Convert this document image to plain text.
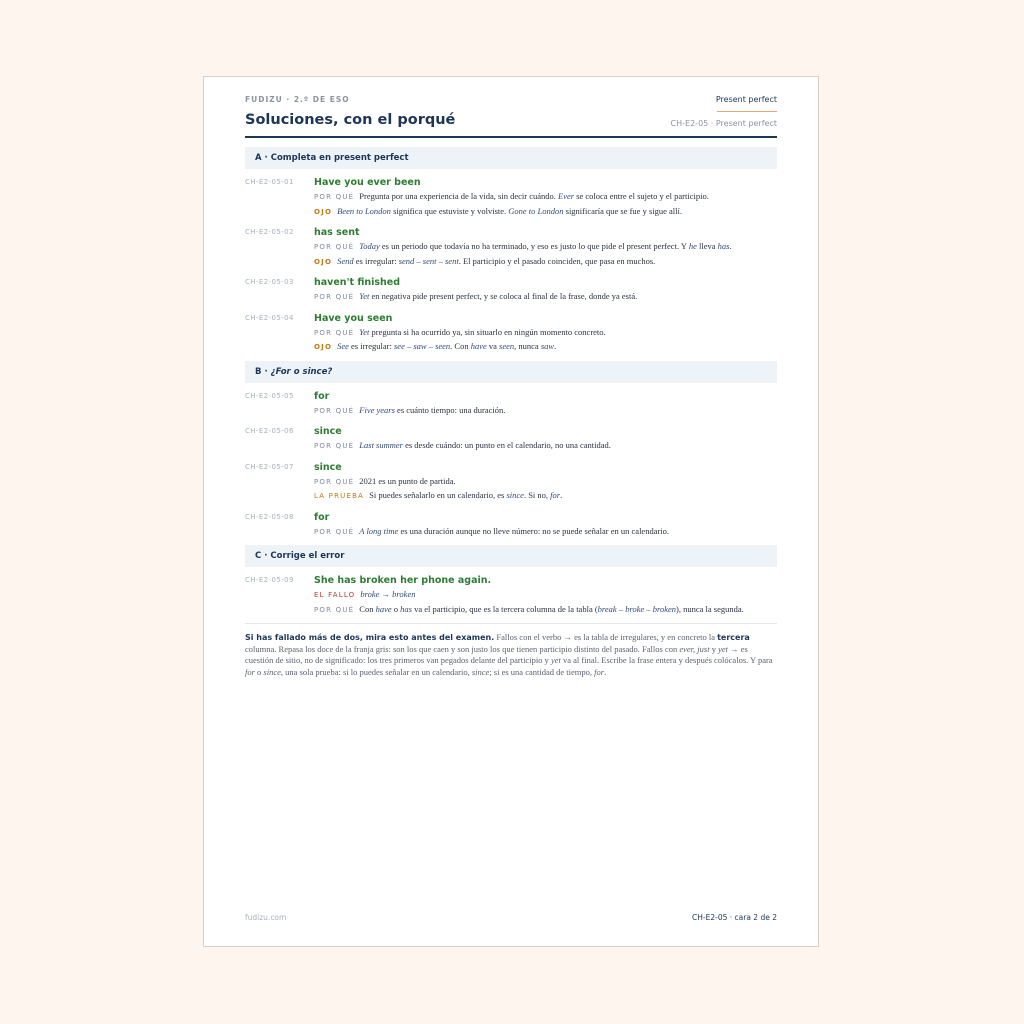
FUDIZU · 2.º DE ESO	Present perfect
Soluciones, con el porqué	CH-E2-05 · Present perfect
A · Completa en present perfect
CH-E2-05-01 Have you ever been
POR QUÉ Pregunta por una experiencia de la vida, sin decir cuándo. Ever se coloca entre el sujeto y el participio.
OJO Been to London significa que estuviste y volviste. Gone to London significaría que se fue y sigue allí.
CH-E2-05-02 has sent
POR QUÉ Today es un periodo que todavía no ha terminado, y eso es justo lo que pide el present perfect. Y he lleva has.
OJO Send es irregular: send – sent – sent. El participio y el pasado coinciden, que pasa en muchos.
CH-E2-05-03 haven't finished
POR QUÉ Yet en negativa pide present perfect, y se coloca al final de la frase, donde ya está.
CH-E2-05-04 Have you seen
POR QUÉ Yet pregunta si ha ocurrido ya, sin situarlo en ningún momento concreto.
OJO See es irregular: see – saw – seen. Con have va seen, nunca saw.
B · ¿For o since?
CH-E2-05-05 for
POR QUÉ Five years es cuánto tiempo: una duración.
CH-E2-05-06 since
POR QUÉ Last summer es desde cuándo: un punto en el calendario, no una cantidad.
CH-E2-05-07 since
POR QUÉ 2021 es un punto de partida.
LA PRUEBA Si puedes señalarlo en un calendario, es since. Si no, for.
CH-E2-05-08 for
POR QUÉ A long time es una duración aunque no lleve número: no se puede señalar en un calendario.
C · Corrige el error
CH-E2-05-09 She has broken her phone again.
EL FALLO broke → broken
POR QUÉ Con have o has va el participio, que es la tercera columna de la tabla (break – broke – broken), nunca la segunda.
Si has fallado más de dos, mira esto antes del examen. Fallos con el verbo → es la tabla de irregulares, y en concreto la tercera columna. Repasa los doce de la franja gris: son los que caen y son justo los que tienen participio distinto del pasado. Fallos con ever, just y yet → es cuestión de sitio, no de significado: los tres primeros van pegados delante del participio y yet va al final. Escribe la frase entera y después colócalos. Y para for o since, una sola prueba: si lo puedes señalar en un calendario, since; si es una cantidad de tiempo, for.
fudizu.com	CH-E2-05 · cara 2 de 2
